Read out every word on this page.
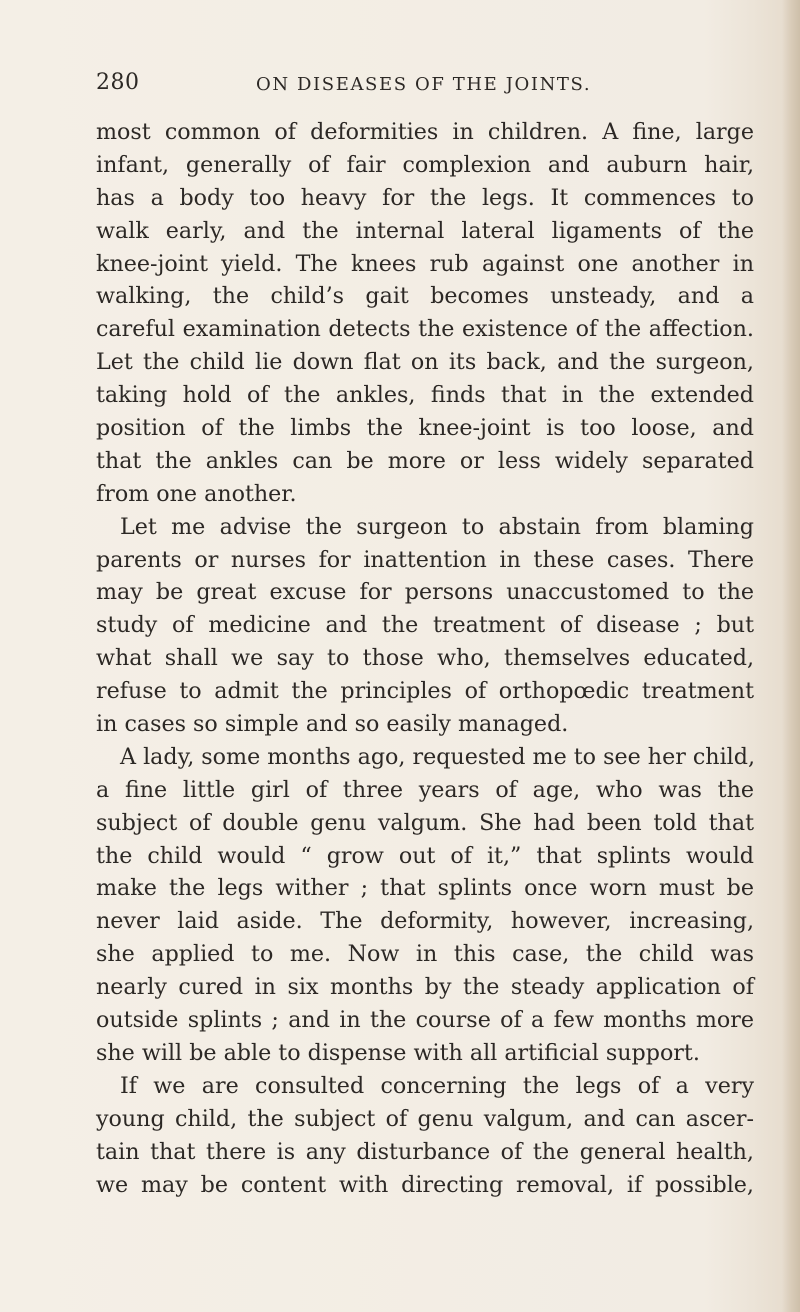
280	ON DISEASES OF THE JOINTS.
most common of deformities in children. A fine, large
infant, generally of fair complexion and auburn hair,
has a body too heavy for the legs. It commences to
walk early, and the internal lateral ligaments of the
knee-joint yield. The knees rub against one another in
walking, the child’s gait becomes unsteady, and a
careful examination detects the existence of the affection.
Let the child lie down flat on its back, and the surgeon,
taking hold of the ankles, finds that in the extended
position of the limbs the knee-joint is too loose, and
that the ankles can be more or less widely separated
from one another.
Let me advise the surgeon to abstain from blaming
parents or nurses for inattention in these cases. There
may be great excuse for persons unaccustomed to the
study of medicine and the treatment of disease ; but
what shall we say to those who, themselves educated,
refuse to admit the principles of orthopœdic treatment
in cases so simple and so easily managed.
A lady, some months ago, requested me to see her child,
a fine little girl of three years of age, who was the
subject of double genu valgum. She had been told that
the child would “ grow out of it,” that splints would
make the legs wither ; that splints once worn must be
never laid aside. The deformity, however, increasing,
she applied to me. Now in this case, the child was
nearly cured in six months by the steady application of
outside splints ; and in the course of a few months more
she will be able to dispense with all artificial support.
If we are consulted concerning the legs of a very
young child, the subject of genu valgum, and can ascer-
tain that there is any disturbance of the general health,
we may be content with directing removal, if possible,
